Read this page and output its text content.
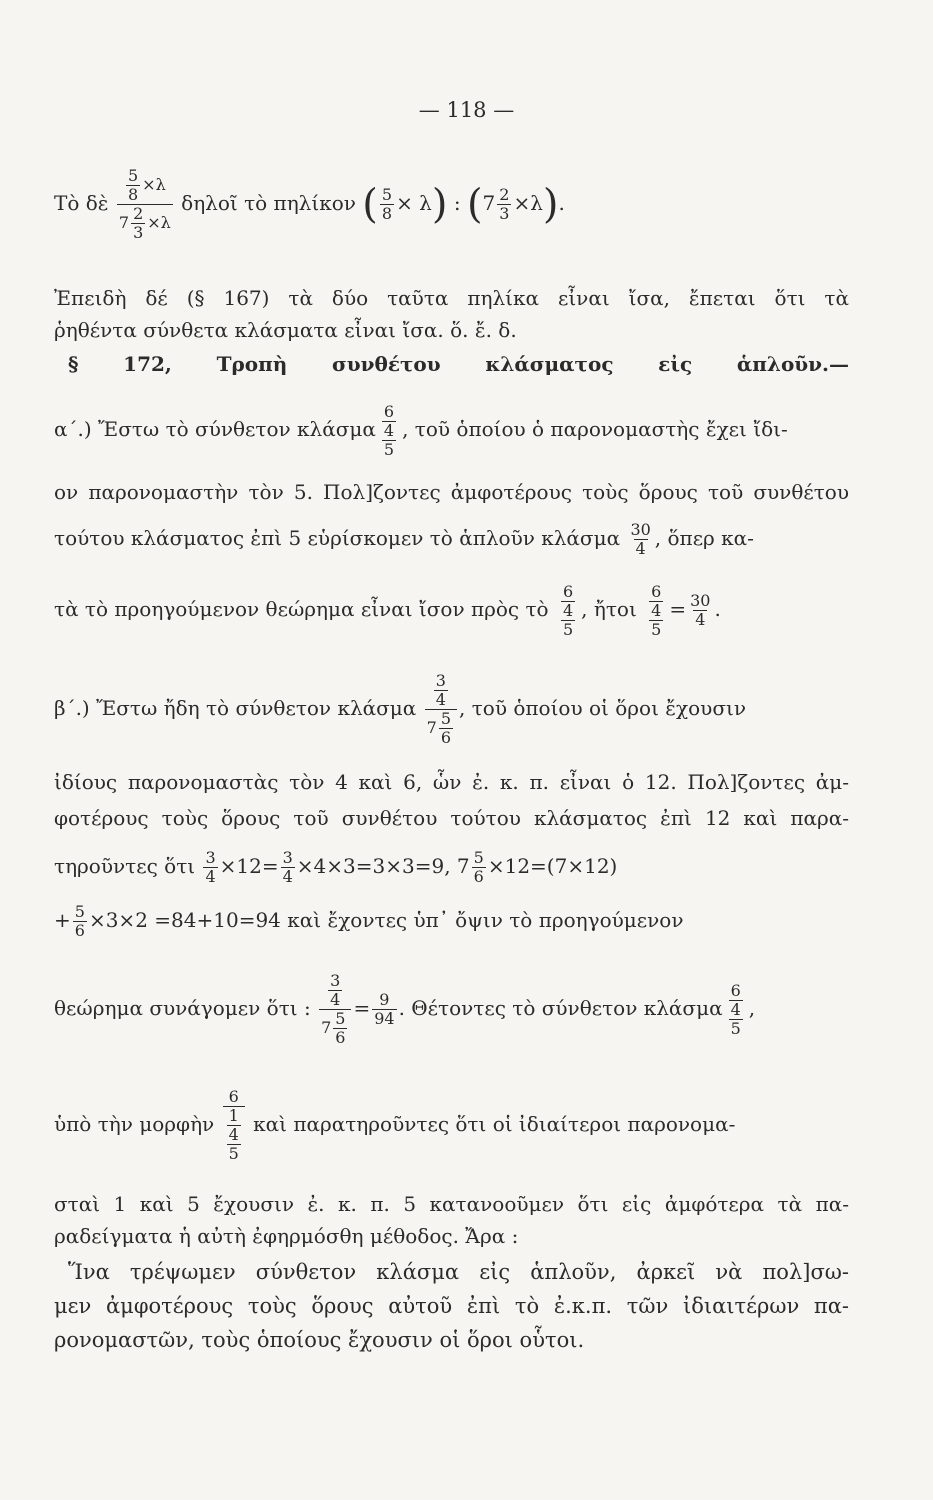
— 118 —
Τὸ δὲ $\frac{\frac{5}{8} \times\lambda}{7 \frac{2}{3} \times\lambda}$ δηλοῖ τὸ πηλίκον ( $\frac{5}{8} \times \lambda$) : $(7 \frac{2}{3} \times\lambda)$.
Ἐπειδὴ δέ (§ 167) τὰ δύο ταῦτα πηλίκα εἶναι ἴσα, ἔπεται ὅτι τὰ
ῥηθέντα σύνθετα κλάσματα εἶναι ἴσα. ὅ. ἔ. δ.
§ 172, Τροπὴ συνθέτου κλάσματος εἰς ἁπλοῦν.—
α΄.) Ἔστω τὸ σύνθετον κλάσμα $\frac{\frac{6}{4}}{5}$ , τοῦ ὁποίου ὁ παρονομαστὴς ἔχει ἴδι-
ον παρονομαστὴν τὸν 5. Πολ]ζοντες ἀμφοτέρους τοὺς ὅρους τοῦ συνθέτου
τούτου κλάσματος ἐπὶ 5 εὑρίσκομεν τὸ ἁπλοῦν κλάσμα $\frac{30}{4}$ , ὅπερ κα-
τὰ τὸ προηγούμενον θεώρημα εἶναι ἴσον πρὸς τὸ $\frac{\frac{6}{4}}{5}$ , ἤτοι $\frac{\frac{6}{4}}{5} = \frac{30}{4}$ .
β΄.) Ἔστω ἤδη τὸ σύνθετον κλάσμα $\frac{\frac{3}{4}}{7 \frac{5}{6}}$ , τοῦ ὁποίου οἱ ὅροι ἔχουσιν
ἰδίους παρονομαστὰς τὸν 4 καὶ 6, ὧν ἐ. κ. π. εἶναι ὁ 12. Πολ]ζοντες ἀμ-
φοτέρους τοὺς ὅρους τοῦ συνθέτου τούτου κλάσματος ἐπὶ 12 καὶ παρα-
τηροῦντες ὅτι $\frac{3}{4} \times 12= \frac{3}{4} \times 4\times 3=3\times 3=9$, $7 \frac{5}{6} \times 12=(7\times 12)$
+ $\frac{5}{6} \times 3\times 2 =84+10=94$ καὶ ἔχοντες ὑπ᾽ ὄψιν τὸ προηγούμενον
θεώρημα συνάγομεν ὅτι : $\frac{\frac{3}{4}}{7 \frac{5}{6}} = \frac{9}{94}$ . Θέτοντες τὸ σύνθετον κλάσμα $\frac{\frac{6}{4}}{5}$ ,
ὑπὸ τὴν μορφὴν
6
$\frac{1}{4}$
5
καὶ παρατηροῦντες ὅτι οἱ ἰδιαίτεροι παρονομα-
σταὶ 1 καὶ 5 ἔχουσιν ἐ. κ. π. 5 κατανοοῦμεν ὅτι εἰς ἀμφότερα τὰ πα-
ραδείγματα ἡ αὐτὴ ἐφηρμόσθη μέθοδος. Ἄρα :
Ἵνα τρέψωμεν σύνθετον κλάσμα εἰς ἁπλοῦν, ἀρκεῖ νὰ πολ]σω-
μεν ἀμφοτέρους τοὺς ὅρους αὐτοῦ ἐπὶ τὸ ἐ.κ.π. τῶν ἰδιαιτέρων πα-
ρονομαστῶν, τοὺς ὁποίους ἔχουσιν οἱ ὅροι οὗτοι.
